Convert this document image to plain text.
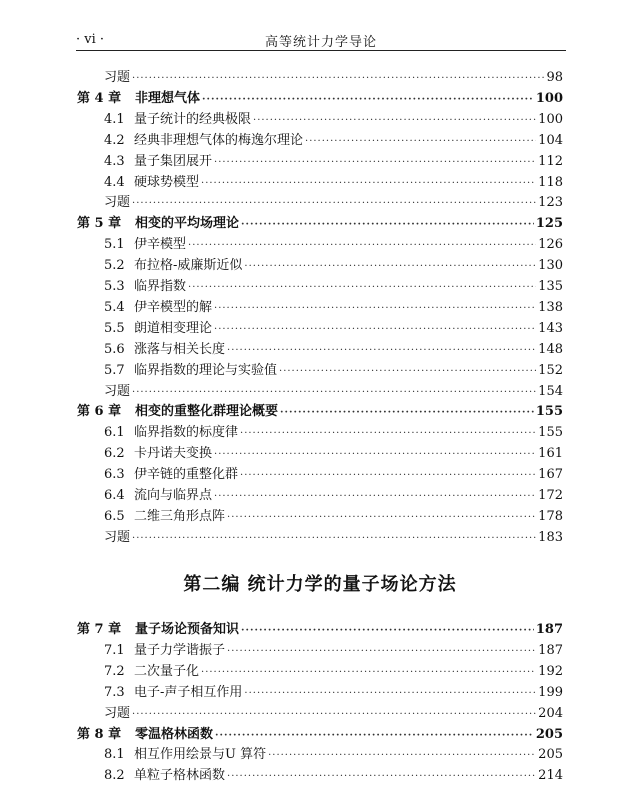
· vi ·	高等统计力学导论
习题 ·····	98
第 4 章	非理想气体 ·····	100
4.1 量子统计的经典极限 ·····	100
4.2 经典非理想气体的梅逸尔理论 ·····	104
4.3 量子集团展开 ·····	112
4.4 硬球势模型 ·····	118
习题 ·····	123
第 5 章	相变的平均场理论 ·····	125
5.1 伊辛模型 ·····	126
5.2 布拉格-威廉斯近似 ·····	130
5.3 临界指数 ·····	135
5.4 伊辛模型的解 ·····	138
5.5 朗道相变理论 ·····	143
5.6 涨落与相关长度 ·····	148
5.7 临界指数的理论与实验值 ·····	152
习题 ·····	154
第 6 章	相变的重整化群理论概要 ·····	155
6.1 临界指数的标度律 ·····	155
6.2 卡丹诺夫变换 ·····	161
6.3 伊辛链的重整化群 ·····	167
6.4 流向与临界点 ·····	172
6.5 二维三角形点阵 ·····	178
习题 ·····	183
第 7 章	量子场论预备知识 ·····	187
7.1 量子力学谐振子 ·····	187
7.2 二次量子化 ·····	192
7.3 电子-声子相互作用 ·····	199
习题 ·····	204
第 8 章	零温格林函数 ·····	205
8.1 相互作用绘景与U 算符 ·····	205
8.2 单粒子格林函数 ·····	214
第二编 统计力学的量子场论方法
